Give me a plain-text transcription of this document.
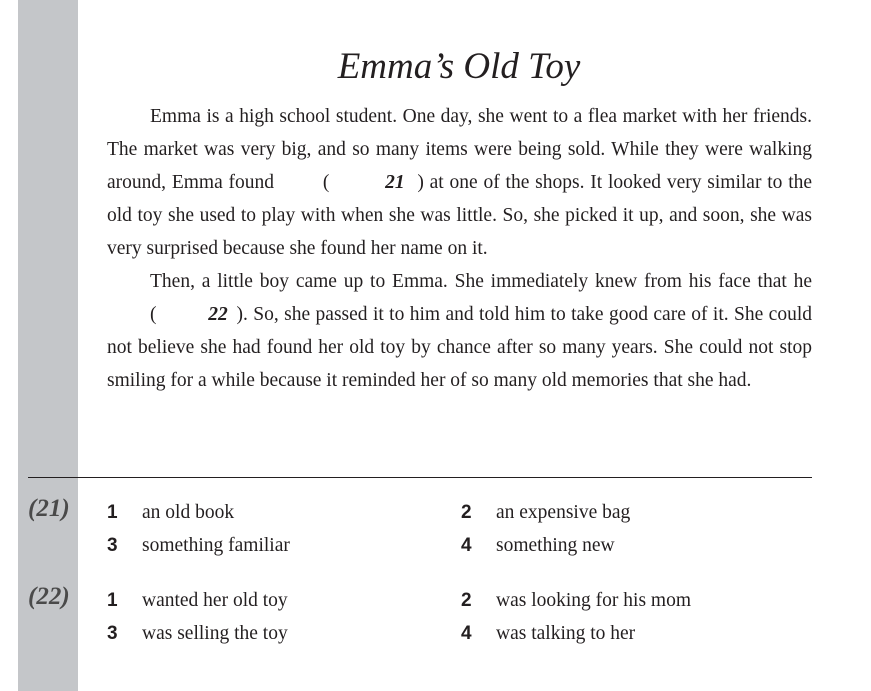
Emma’s Old Toy

Emma is a high school student. One day, she went to a flea market with her friends. The market was very big, and so many items were being sold. While they were walking around, Emma found	(	21 ) at one of the shops. It looked very similar to the old toy she used to play with when she was little. So, she picked it up, and soon, she was very surprised because she found her name on it.

Then, a little boy came up to Emma. She immediately knew from his face that he (	22 ). So, she passed it to him and told him to take good care of it. She could not believe she had found her old toy by chance after so many years. She could not stop smiling for a while because it reminded her of so many old memories that she had.

(21) 1 an old book	2 an expensive bag
3 something familiar	4 something new
(22) 1 wanted her old toy	2 was looking for his mom
3 was selling the toy	4 was talking to her
